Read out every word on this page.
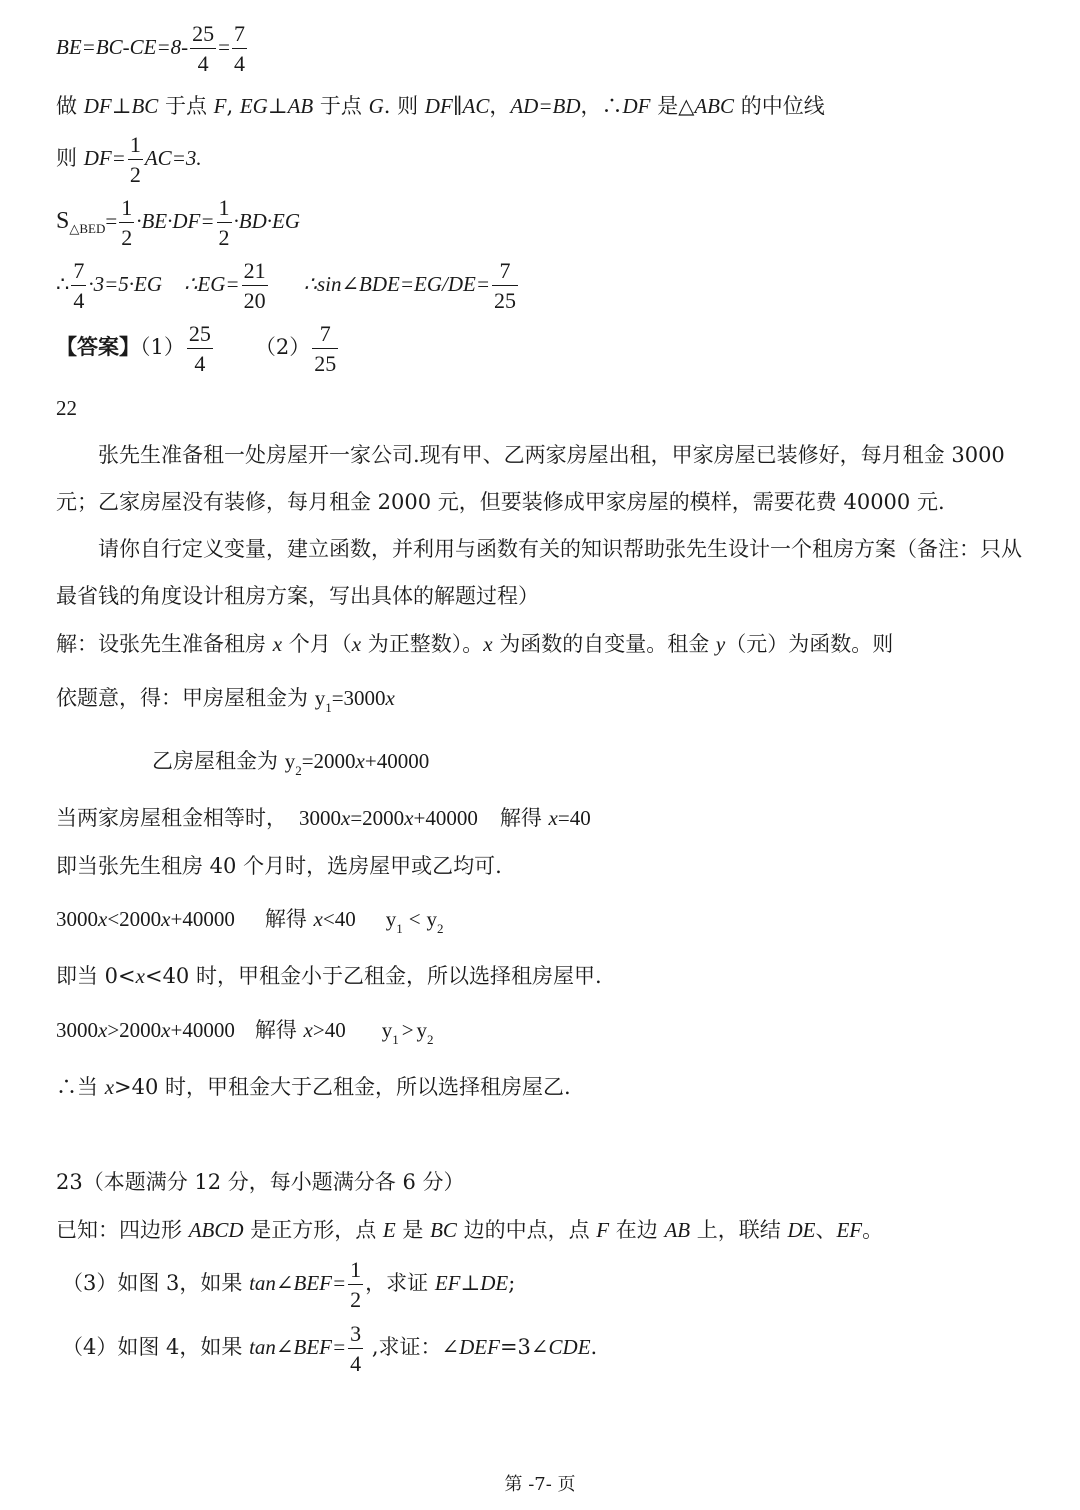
$BE=BC-CE=8- \frac{25}{4} = \frac{7}{4}$
做 DF⊥BC 于点 F, EG⊥AB 于点 G. 则 DF∥AC，AD=BD，∴DF 是△ABC 的中位线
则 $DF= \frac{1}{2} AC=3$.
$S_{\triangle BED}= \frac{1}{2} \cdot BE\cdot DF= \frac{1}{2} \cdot BD\cdot EG$
∴ $\frac{7}{4} \cdot 3=5\cdot EG$ ∴EG= $\frac{21}{20}$ ∴sin∠BDE=EG/DE= $\frac{7}{25}$
【答案】$(1) \frac{25}{4} (2) \frac{7}{25}$
22
张先生准备租一处房屋开一家公司.现有甲、乙两家房屋出租，甲家房屋已装修好，每月租金 3000 元；乙家房屋没有装修，每月租金 2000 元，但要装修成甲家房屋的模样，需要花费 40000 元.
请你自行定义变量，建立函数，并利用与函数有关的知识帮助张先生设计一个租房方案（备注：只从最省钱的角度设计租房方案，写出具体的解题过程）
解：设张先生准备租房 x 个月（x 为正整数）。x 为函数的自变量。租金 y（元）为函数。则
依题意，得：甲房屋租金为 $y_1=3000x$
乙房屋租金为 $y_2=2000x+40000$
当两家房屋租金相等时， 3000x=2000x+40000 解得 x=40
即当张先生租房 40 个月时，选房屋甲或乙均可.
3000x<2000x+40000 解得 x<40 $y_1 < y_2$
即当 0<x<40 时，甲租金小于乙租金，所以选择租房屋甲.
3000x>2000x+40000 解得 x>40 $y_1 > y_2$
∴当 x>40 时，甲租金大于乙租金，所以选择租房屋乙.
23（本题满分 12 分，每小题满分各 6 分）
已知：四边形 ABCD 是正方形，点 E 是 BC 边的中点，点 F 在边 AB 上，联结 DE、EF。
（3）如图 3，如果 tan∠BEF= $\frac{1}{2}$ ，求证 EF⊥DE;
（4）如图 4，如果 tan∠BEF= $\frac{3}{4}$ ,求证：∠DEF=3∠CDE.
第 -7- 页
